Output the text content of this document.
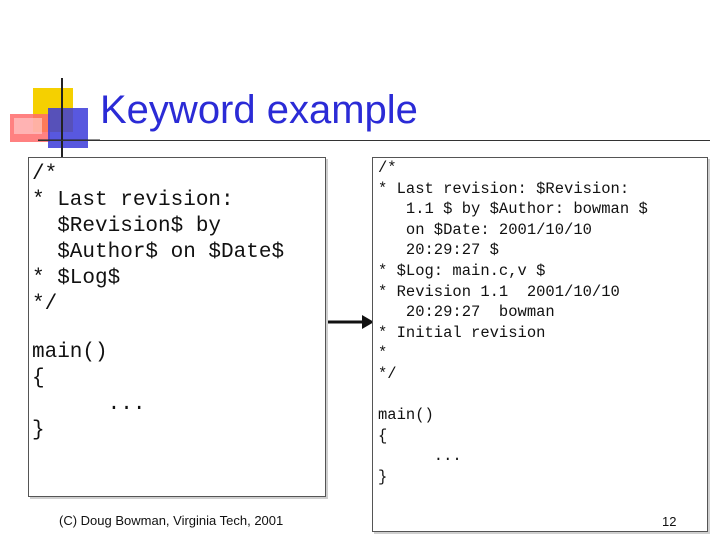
Keyword example
/*
* Last revision:
$Revision$ by
$Author$ on $Date$
* $Log$
*/
main()
{
...
}
/*
* Last revision: $Revision:
1.1 $ by $Author: bowman $
on $Date: 2001/10/10
20:29:27 $
* $Log: main.c,v $
* Revision 1.1  2001/10/10
20:29:27  bowman
* Initial revision
*
*/

main()
{
...
}
(C) Doug Bowman, Virginia Tech, 2001	12
